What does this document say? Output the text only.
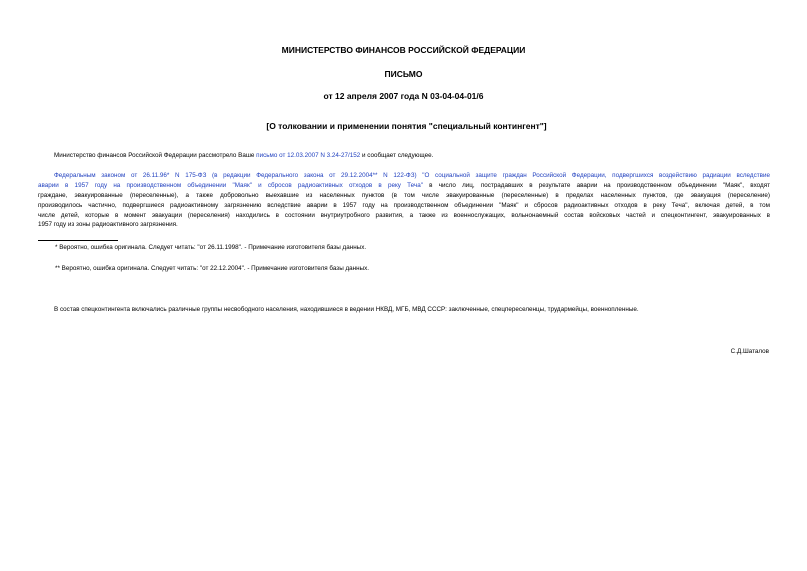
МИНИСТЕРСТВО ФИНАНСОВ РОССИЙСКОЙ ФЕДЕРАЦИИ
ПИСЬМО
от 12 апреля 2007 года N 03-04-04-01/6
[О толковании и применении понятия "специальный контингент"]
Министерство финансов Российской Федерации рассмотрело Ваше письмо от 12.03.2007 N 3.24-27/152 и сообщает следующее.
Федеральным законом от 26.11.96* N 175-ФЗ (в редакции Федерального закона от 29.12.2004** N 122-ФЗ) "О социальной защите граждан Российской Федерации, подвергшихся воздействию радиации вследствие
аварии в 1957 году на производственном объединении "Маяк" и сбросов радиоактивных отходов в реку Теча" в число лиц, пострадавших в результате аварии на производственном объединении "Маяк", входят
граждане, эвакуированные (переселенные), а также добровольно выехавшие из населенных пунктов (в том числе эвакуированные (переселенные) в пределах населенных пунктов, где эвакуация (переселение)
производилось частично, подвергшиеся радиоактивному загрязнению вследствие аварии в 1957 году на производственном объединении "Маяк" и сбросов радиоактивных отходов в реку Теча", включая детей, в том
числе детей, которые в момент эвакуации (переселения) находились в состоянии внутриутробного развития, а также из военнослужащих, вольнонаемный состав войсковых частей и спецконтингент, эвакуированных в
1957 году из зоны радиоактивного загрязнения.
* Вероятно, ошибка оригинала. Следует читать: "от 26.11.1998". - Примечание изготовителя базы данных.
** Вероятно, ошибка оригинала. Следует читать: "от 22.12.2004". - Примечание изготовителя базы данных.
В состав спецконтингента включались различные группы несвободного населения, находившиеся в ведении НКВД, МГБ, МВД СССР: заключенные, спецпереселенцы, трудармейцы, военнопленные.
С.Д.Шаталов
